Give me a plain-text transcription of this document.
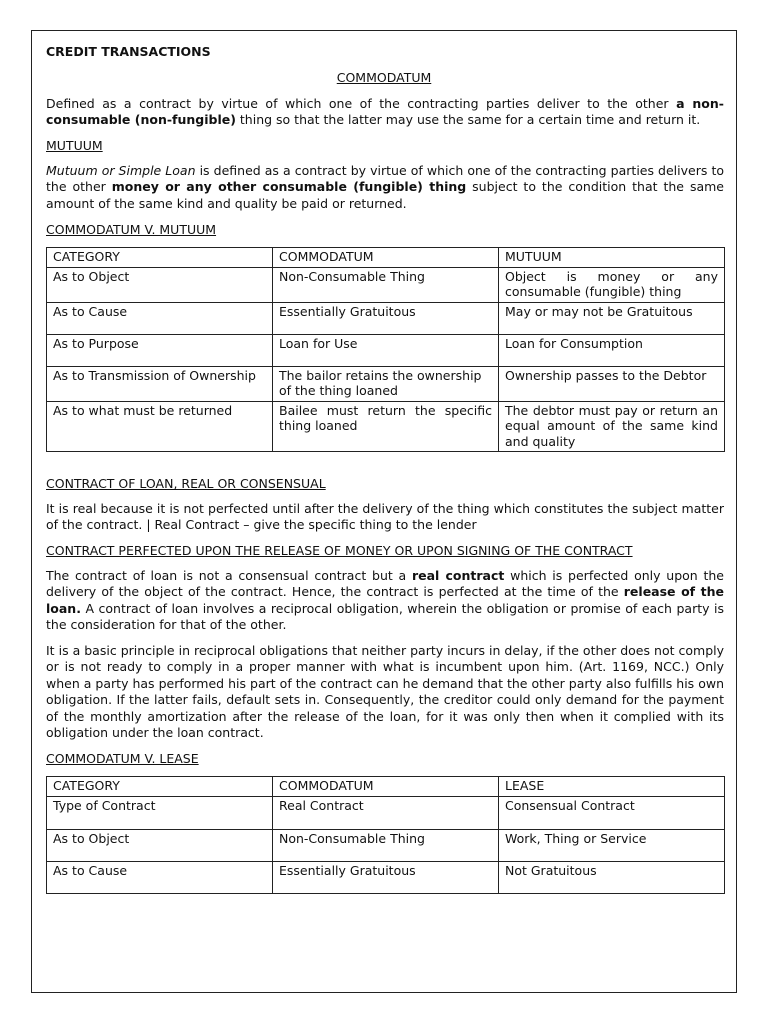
CREDIT TRANSACTIONS
COMMODATUM
Defined as a contract by virtue of which one of the contracting parties deliver to the other a non-consumable (non-fungible) thing so that the latter may use the same for a certain time and return it.
MUTUUM
Mutuum or Simple Loan is defined as a contract by virtue of which one of the contracting parties delivers to the other money or any other consumable (fungible) thing subject to the condition that the same amount of the same kind and quality be paid or returned.
COMMODATUM V. MUTUUM
CATEGORY	COMMODATUM	MUTUUM
As to Object	Non-Consumable Thing	Object is money or any consumable (fungible) thing
As to Cause	Essentially Gratuitous	May or may not be Gratuitous
As to Purpose	Loan for Use	Loan for Consumption
As to Transmission of Ownership	The bailor retains the ownership of the thing loaned	Ownership passes to the Debtor
As to what must be returned	Bailee must return the specific thing loaned	The debtor must pay or return an equal amount of the same kind and quality
CONTRACT OF LOAN, REAL OR CONSENSUAL
It is real because it is not perfected until after the delivery of the thing which constitutes the subject matter of the contract. | Real Contract – give the specific thing to the lender
CONTRACT PERFECTED UPON THE RELEASE OF MONEY OR UPON SIGNING OF THE CONTRACT
The contract of loan is not a consensual contract but a real contract which is perfected only upon the delivery of the object of the contract. Hence, the contract is perfected at the time of the release of the loan. A contract of loan involves a reciprocal obligation, wherein the obligation or promise of each party is the consideration for that of the other.
It is a basic principle in reciprocal obligations that neither party incurs in delay, if the other does not comply or is not ready to comply in a proper manner with what is incumbent upon him. (Art. 1169, NCC.) Only when a party has performed his part of the contract can he demand that the other party also fulfills his own obligation. If the latter fails, default sets in. Consequently, the creditor could only demand for the payment of the monthly amortization after the release of the loan, for it was only then when it complied with its obligation under the loan contract.
COMMODATUM V. LEASE
CATEGORY	COMMODATUM	LEASE
Type of Contract	Real Contract	Consensual Contract
As to Object	Non-Consumable Thing	Work, Thing or Service
As to Cause	Essentially Gratuitous	Not Gratuitous
